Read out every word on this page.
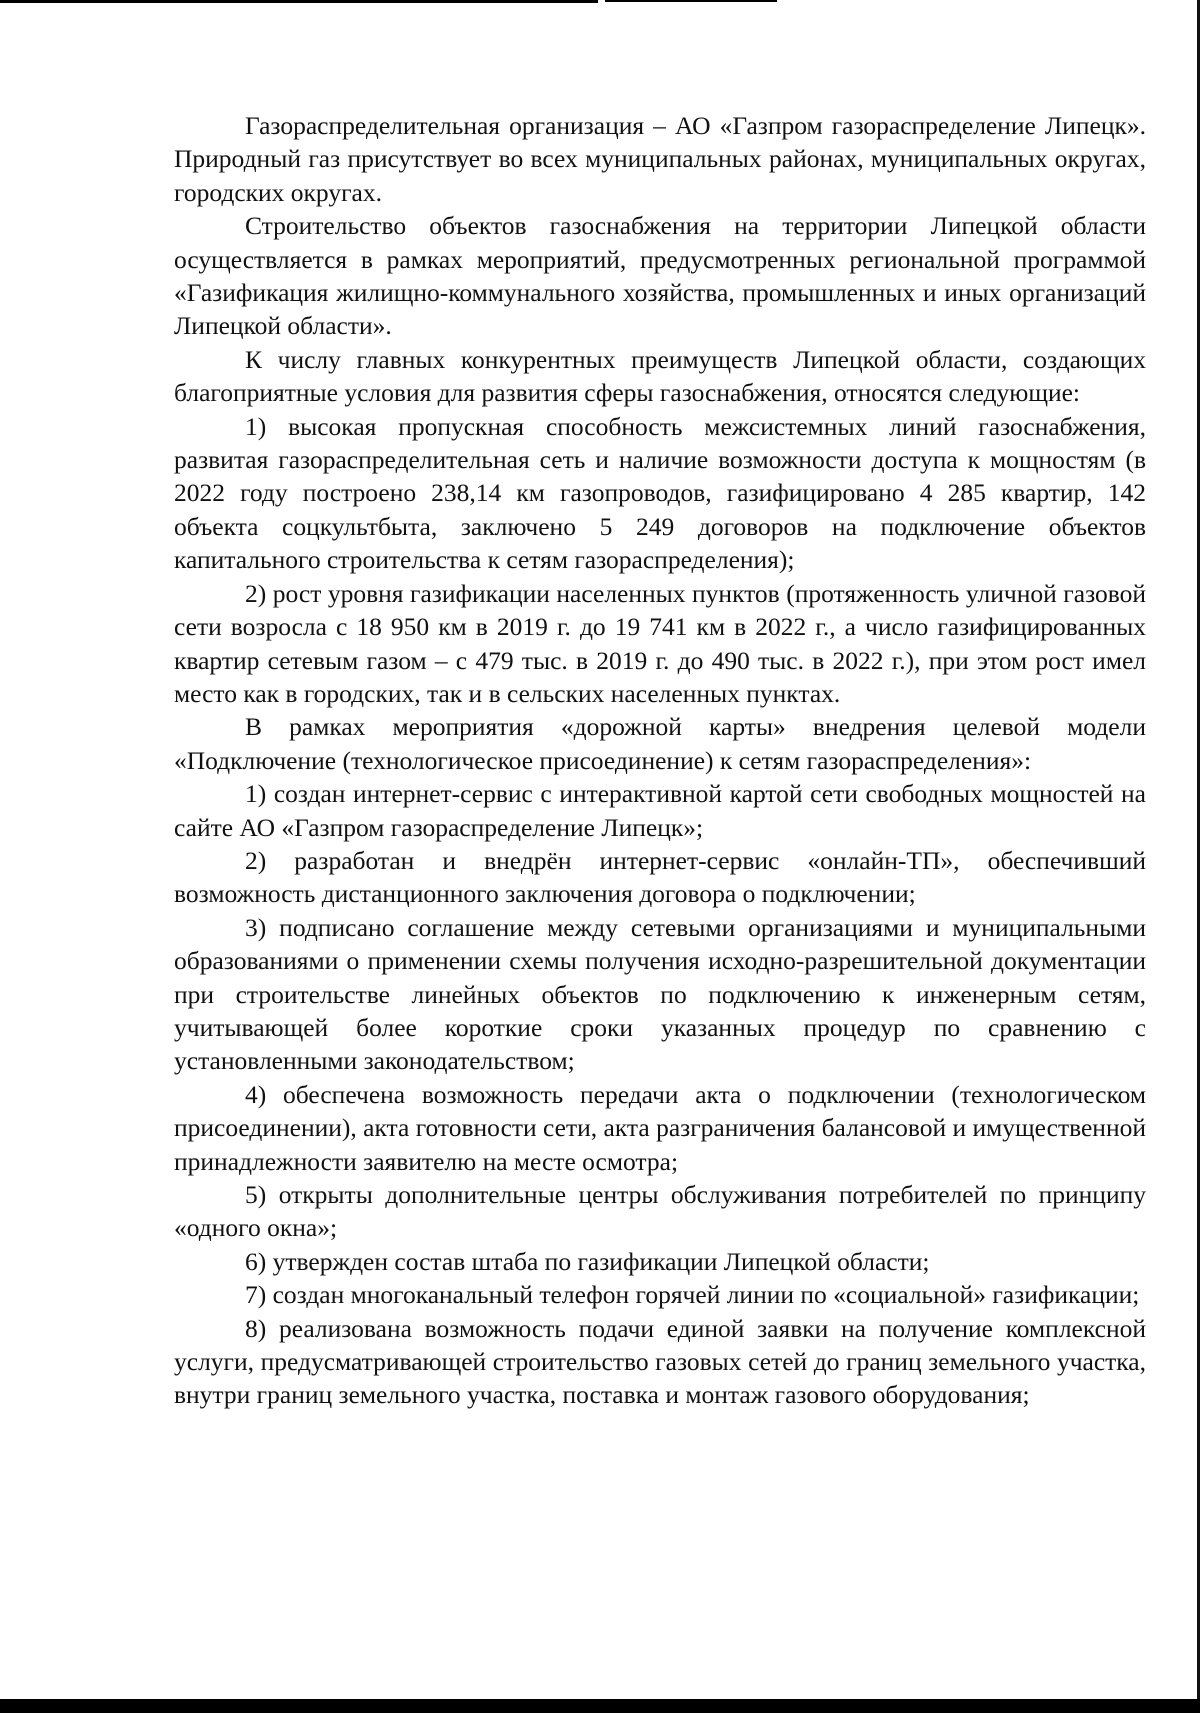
Газораспределительная организация – АО «Газпром газораспределение Липецк». Природный газ присутствует во всех муниципальных районах, муниципальных округах, городских округах.

Строительство объектов газоснабжения на территории Липецкой области осуществляется в рамках мероприятий, предусмотренных региональной программой «Газификация жилищно-коммунального хозяйства, промышленных и иных организаций Липецкой области».

К числу главных конкурентных преимуществ Липецкой области, создающих благоприятные условия для развития сферы газоснабжения, относятся следующие:

1) высокая пропускная способность межсистемных линий газоснабжения, развитая газораспределительная сеть и наличие возможности доступа к мощностям (в 2022 году построено 238,14 км газопроводов, газифицировано 4 285 квартир, 142 объекта соцкультбыта, заключено 5 249 договоров на подключение объектов капитального строительства к сетям газораспределения);

2) рост уровня газификации населенных пунктов (протяженность уличной газовой сети возросла с 18 950 км в 2019 г. до 19 741 км в 2022 г., а число газифицированных квартир сетевым газом – с 479 тыс. в 2019 г. до 490 тыс. в 2022 г.), при этом рост имел место как в городских, так и в сельских населенных пунктах.

В рамках мероприятия «дорожной карты» внедрения целевой модели «Подключение (технологическое присоединение) к сетям газораспределения»:

1) создан интернет-сервис с интерактивной картой сети свободных мощностей на сайте АО «Газпром газораспределение Липецк»;

2) разработан и внедрён интернет-сервис «онлайн-ТП», обеспечивший возможность дистанционного заключения договора о подключении;

3) подписано соглашение между сетевыми организациями и муниципальными образованиями о применении схемы получения исходно-разрешительной документации при строительстве линейных объектов по подключению к инженерным сетям, учитывающей более короткие сроки указанных процедур по сравнению с установленными законодательством;

4) обеспечена возможность передачи акта о подключении (технологическом присоединении), акта готовности сети, акта разграничения балансовой и имущественной принадлежности заявителю на месте осмотра;

5) открыты дополнительные центры обслуживания потребителей по принципу «одного окна»;

6) утвержден состав штаба по газификации Липецкой области;

7) создан многоканальный телефон горячей линии по «социальной» газификации;

8) реализована возможность подачи единой заявки на получение комплексной услуги, предусматривающей строительство газовых сетей до границ земельного участка, внутри границ земельного участка, поставка и монтаж газового оборудования;
